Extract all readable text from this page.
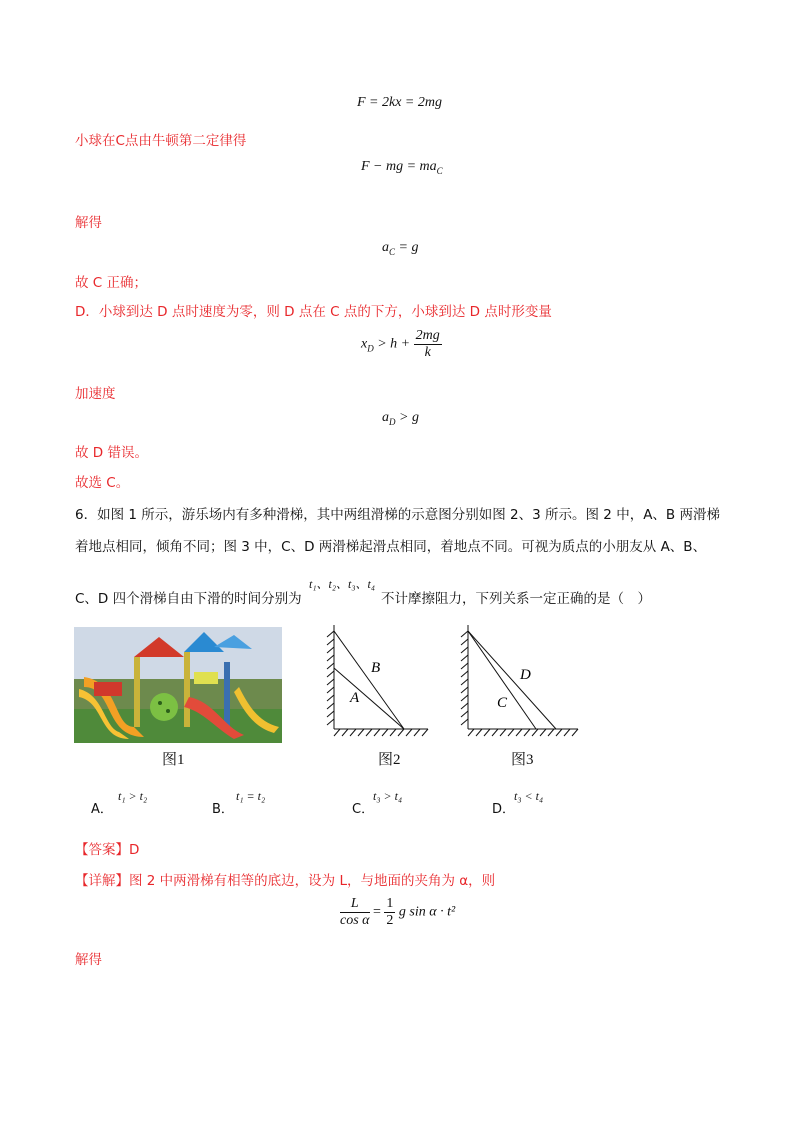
F = 2kx = 2mg
小球在C点由牛顿第二定律得
F − mg = $ma_C$
解得
$a_C = g$
故 C 正确；
D．小球到达 D 点时速度为零，则 D 点在 C 点的下方，小球到达 D 点时形变量
$x_D > h + \frac{2mg}{k}$
加速度
$a_D > g$
故 D 错误。
故选 C。
6．如图 1 所示，游乐场内有多种滑梯，其中两组滑梯的示意图分别如图 2、3 所示。图 2 中，A、B 两滑梯
着地点相同，倾角不同；图 3 中，C、D 两滑梯起滑点相同，着地点不同。可视为质点的小朋友从 A、B、
C、D 四个滑梯自由下滑的时间分别为
t₁、t₂、t₃、t₄
不计摩擦阻力，下列关系一定正确的是（　）
图1
B
A
图2
D
C
图3
A．
t₁ > t₂
B．
t₁ = t₂
C．
t₃ > t₄
D．
t₃ < t₄
【答案】D
【详解】图 2 中两滑梯有相等的底边，设为 L，与地面的夹角为 α，则
$\frac{L}{\text{cos α}} = \frac{1}{2}$ g sin α · t²
解得
